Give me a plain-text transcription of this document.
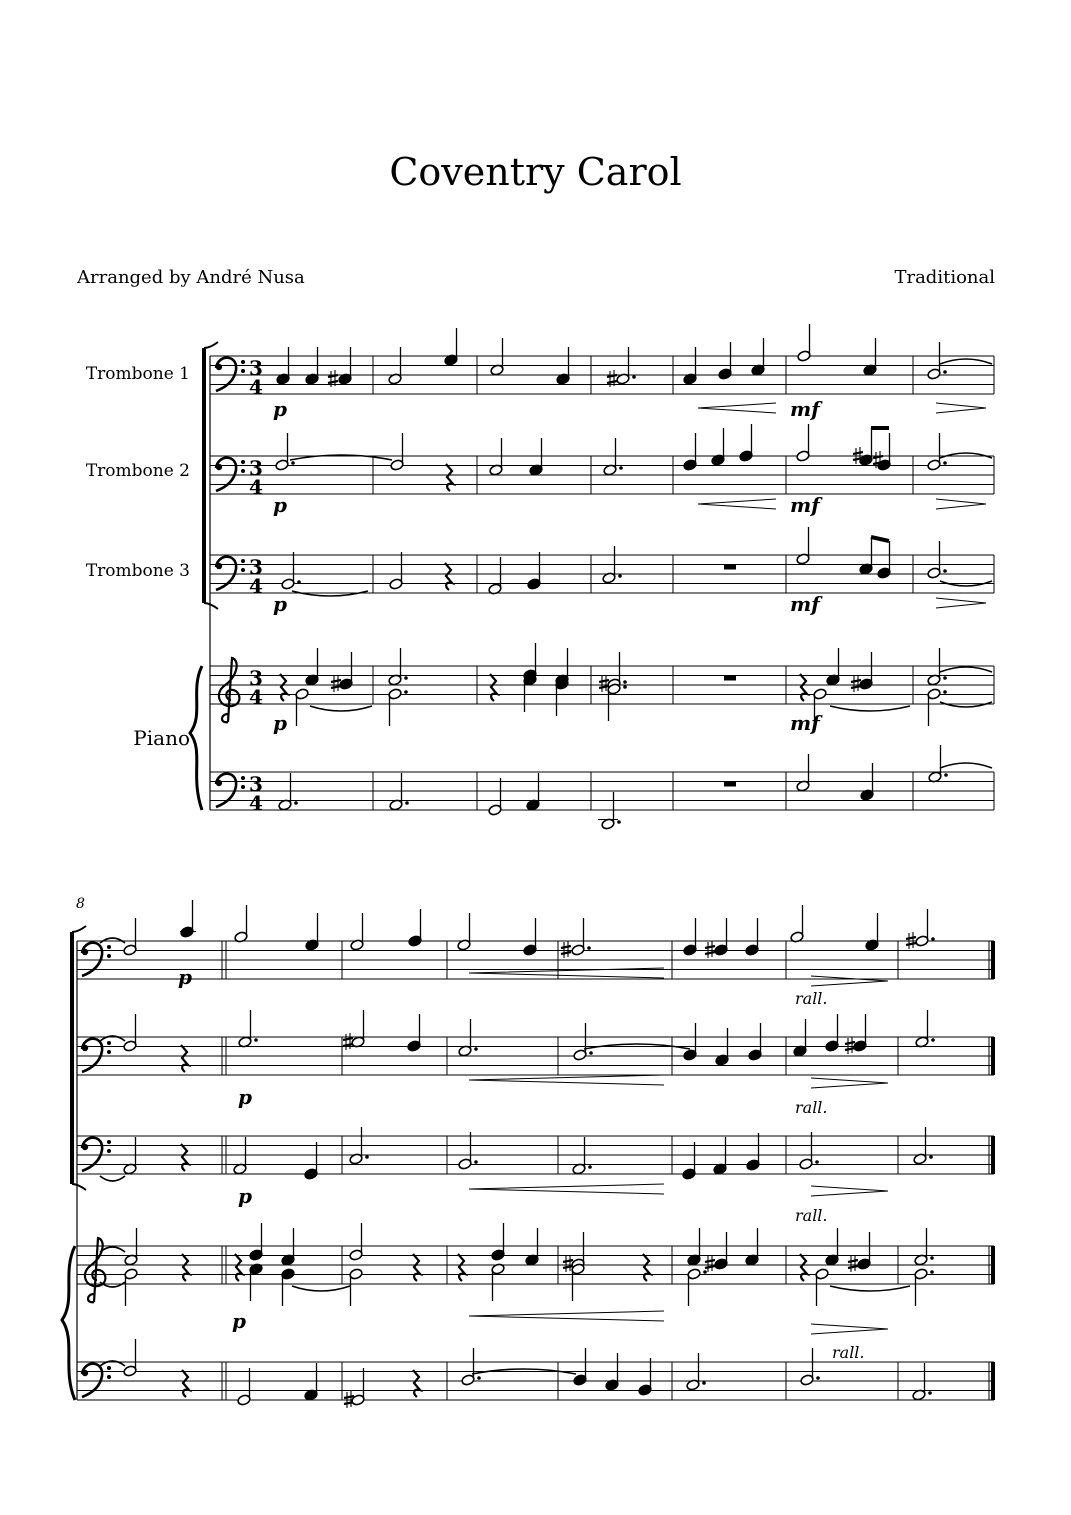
Coventry Carol
Arranged by André Nusa	Traditional
Trombone 1
Trombone 2
Trombone 3
Piano
3
4
3
4
3
4
3
4
3
4
p	mf
p	mf
p	mf
p	mf
8
p
rall.
p	rall.
p
rall.
p
rall.
